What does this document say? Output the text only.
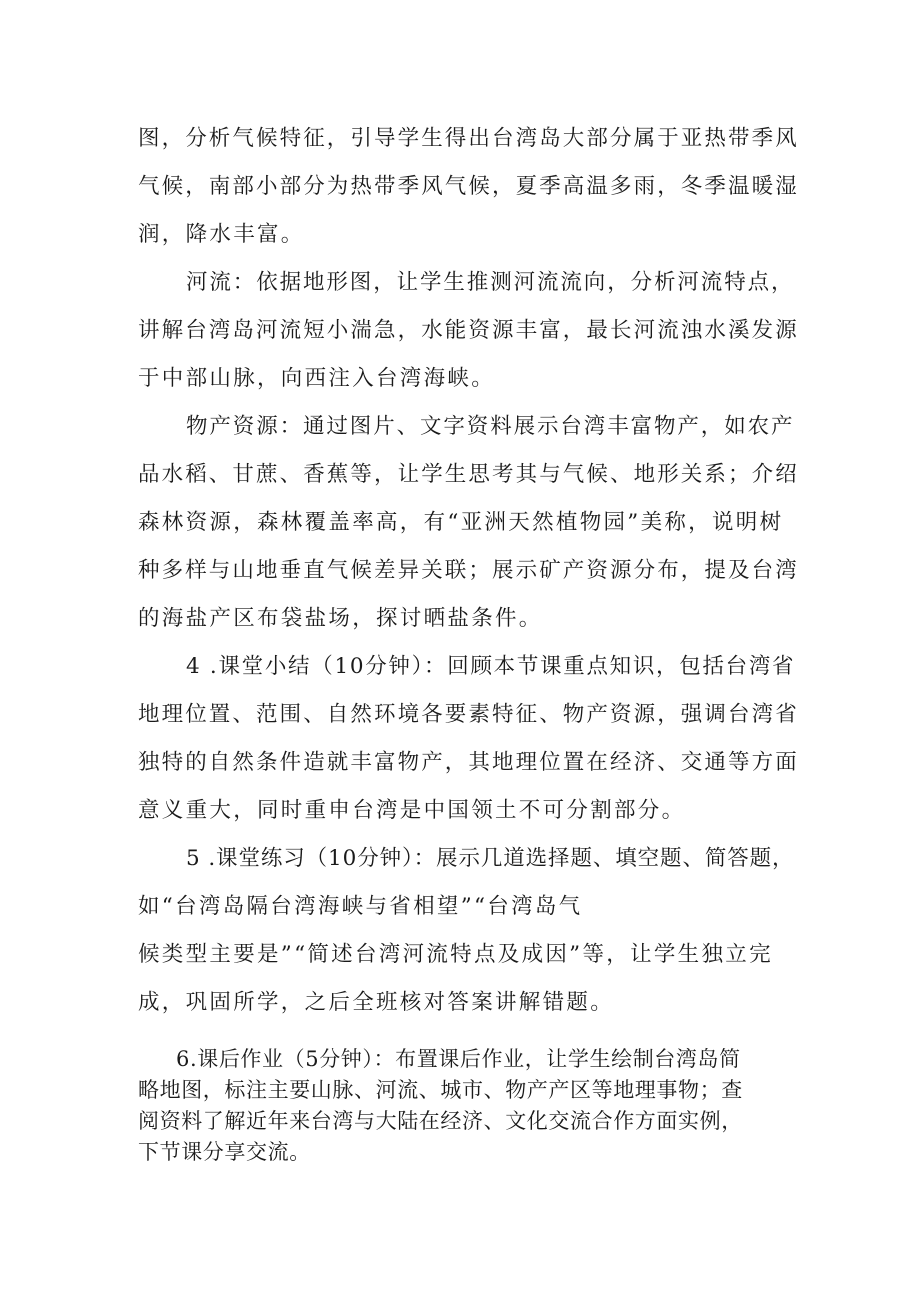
图，分析气候特征，引导学生得出台湾岛大部分属于亚热带季风
气候，南部小部分为热带季风气候，夏季高温多雨，冬季温暖湿
润，降水丰富。
河流：依据地形图，让学生推测河流流向，分析河流特点，
讲解台湾岛河流短小湍急，水能资源丰富，最长河流浊水溪发源
于中部山脉，向西注入台湾海峡。
物产资源：通过图片、文字资料展示台湾丰富物产，如农产
品水稻、甘蔗、香蕉等，让学生思考其与气候、地形关系；介绍
森林资源，森林覆盖率高，有“亚洲天然植物园”美称，说明树
种多样与山地垂直气候差异关联；展示矿产资源分布，提及台湾
的海盐产区布袋盐场，探讨晒盐条件。
4 .课堂小结（10分钟）：回顾本节课重点知识，包括台湾省
地理位置、范围、自然环境各要素特征、物产资源，强调台湾省
独特的自然条件造就丰富物产，其地理位置在经济、交通等方面
意义重大，同时重申台湾是中国领土不可分割部分。
5 .课堂练习（10分钟）：展示几道选择题、填空题、简答题，
如“台湾岛隔台湾海峡与省相望”“台湾岛气
候类型主要是”“简述台湾河流特点及成因”等，让学生独立完
成，巩固所学，之后全班核对答案讲解错题。
6.课后作业（5分钟）：布置课后作业，让学生绘制台湾岛简
略地图，标注主要山脉、河流、城市、物产产区等地理事物；查
阅资料了解近年来台湾与大陆在经济、文化交流合作方面实例，
下节课分享交流。
